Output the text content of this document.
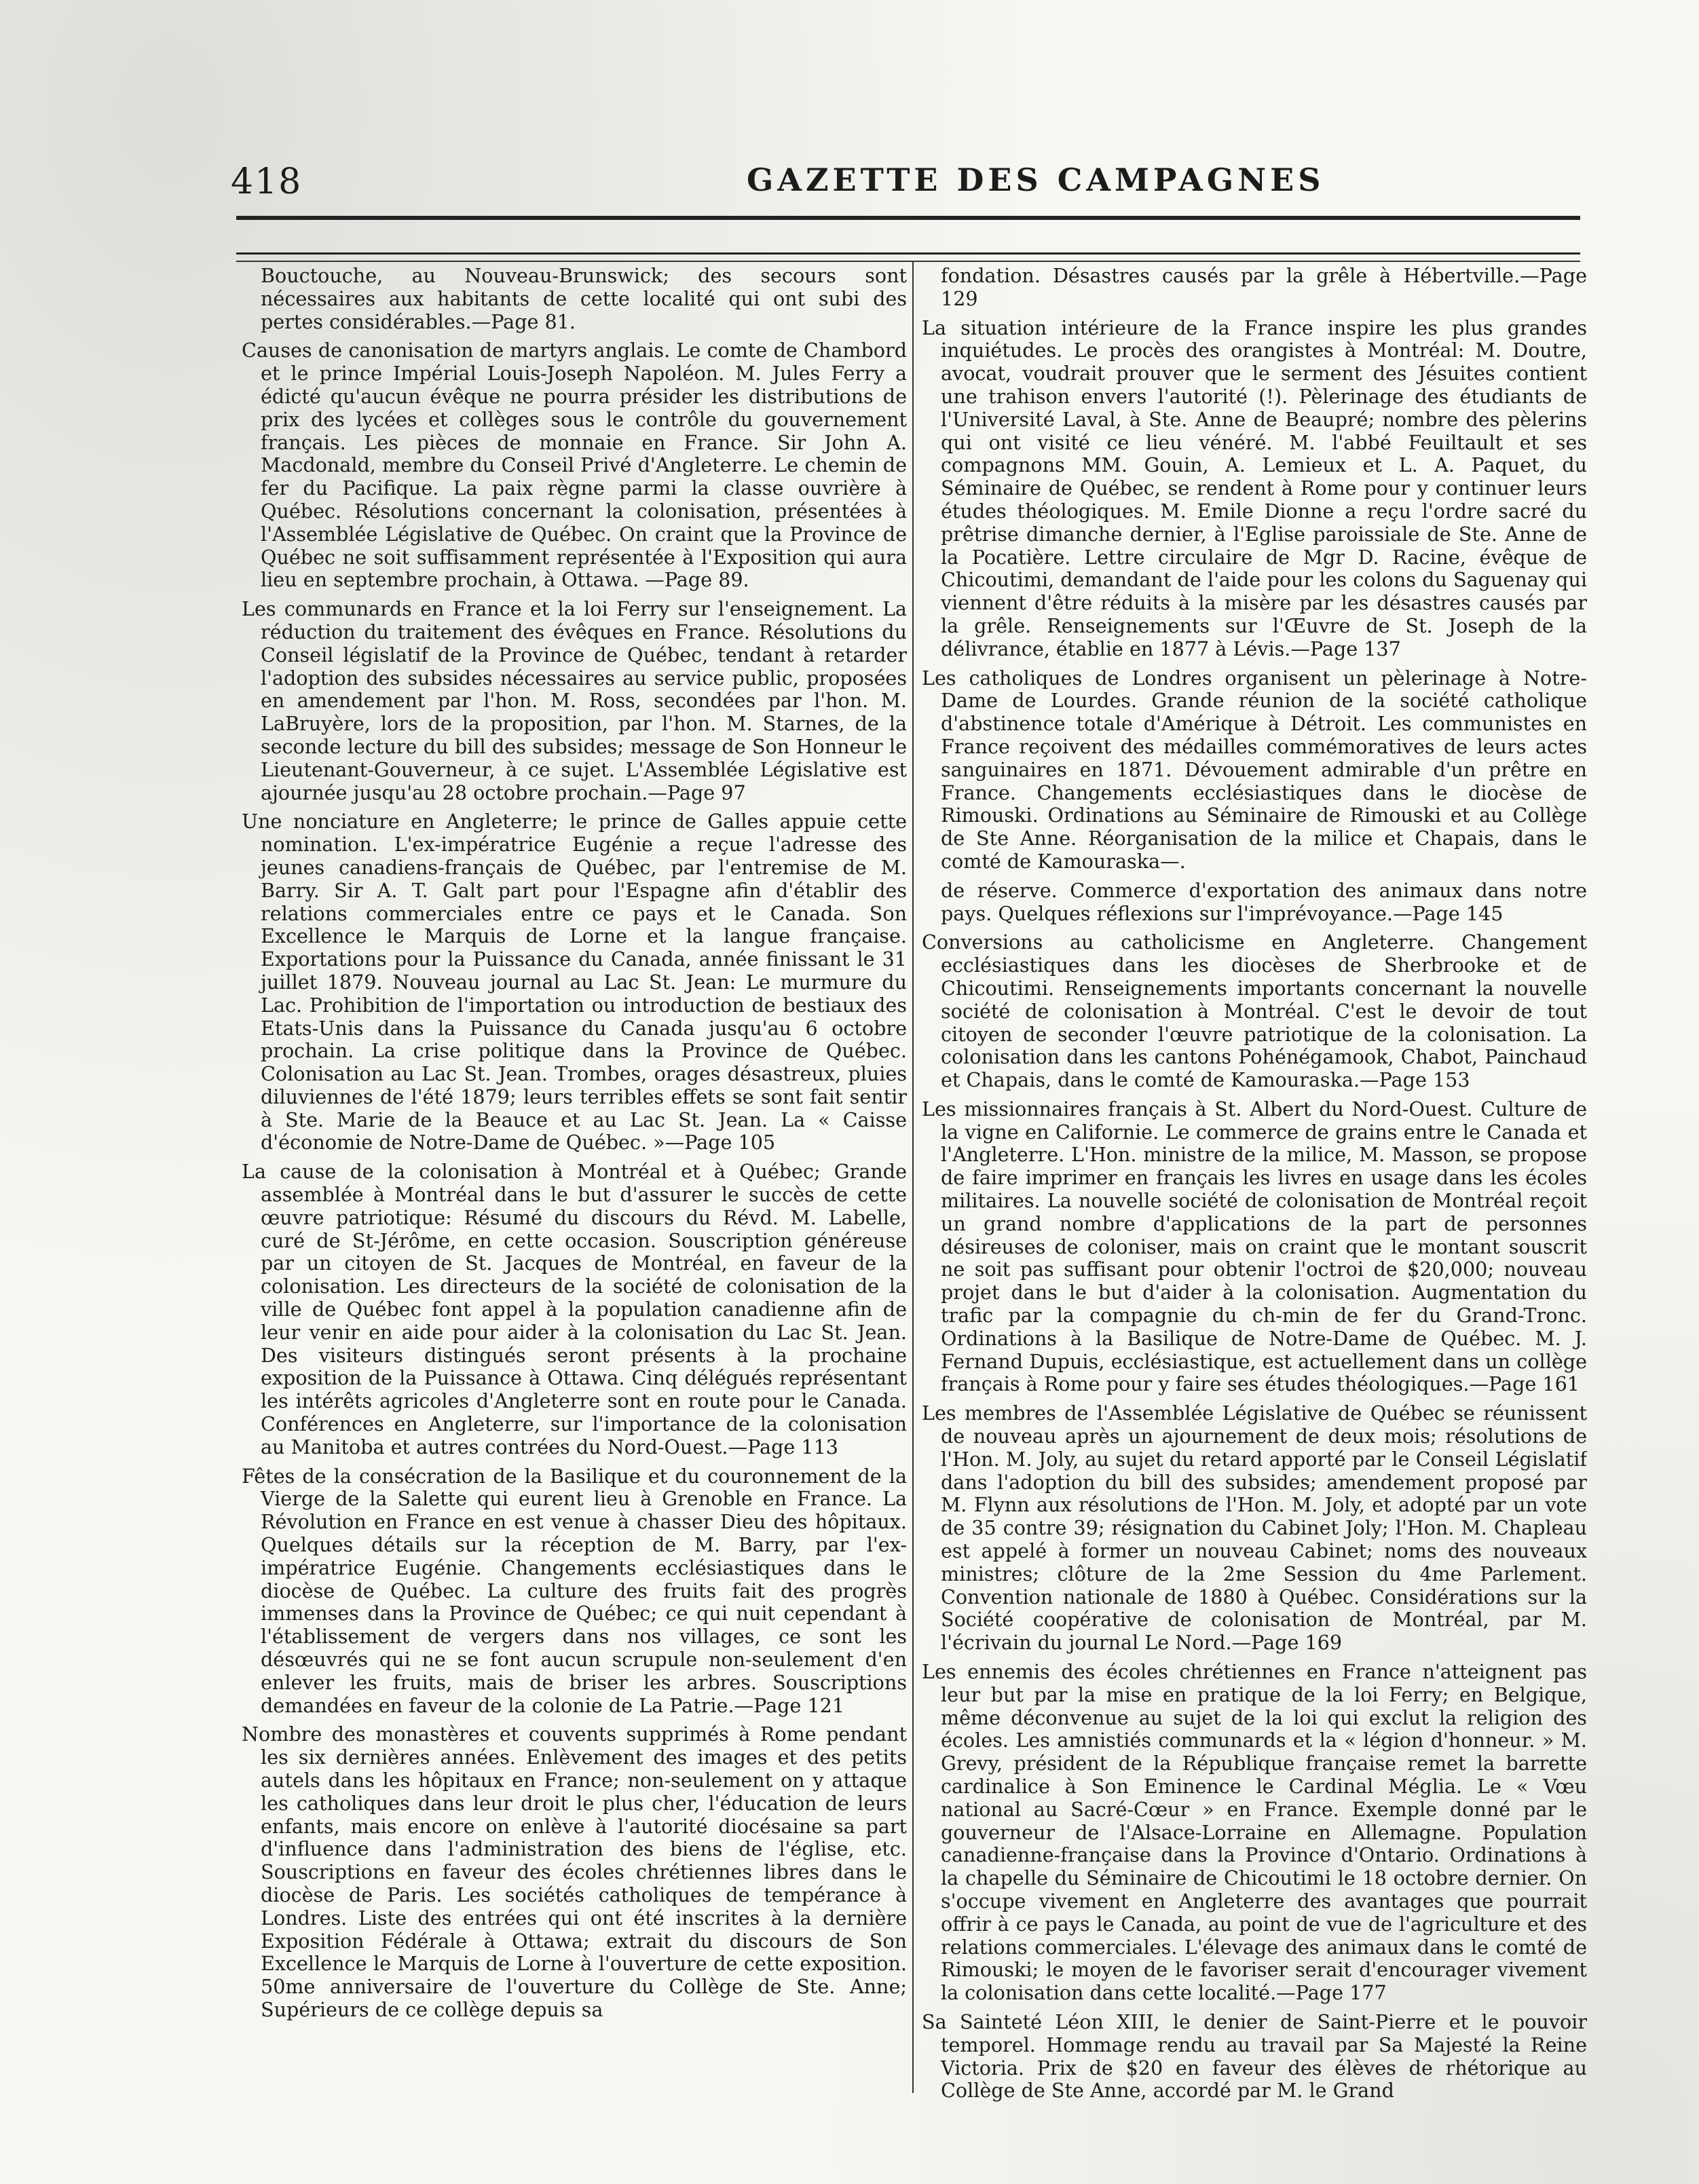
418	GAZETTE DES CAMPAGNES

Bouctouche, au Nouveau-Brunswick; des secours sont nécessaires aux habitants de cette localité qui ont subi des pertes considérables.—Page 81.

Causes de canonisation de martyrs anglais. Le comte de Chambord et le prince Impérial Louis-Joseph Napoléon. M. Jules Ferry a édicté qu'aucun évêque ne pourra présider les distributions de prix des lycées et collèges sous le contrôle du gouvernement français. Les pièces de monnaie en France. Sir John A. Macdonald, membre du Conseil Privé d'Angleterre. Le chemin de fer du Pacifique. La paix règne parmi la classe ouvrière à Québec. Résolutions concernant la colonisation, présentées à l'Assemblée Législative de Québec. On craint que la Province de Québec ne soit suffisamment représentée à l'Exposition qui aura lieu en septembre prochain, à Ottawa. —Page 89.

Les communards en France et la loi Ferry sur l'enseignement. La réduction du traitement des évêques en France. Résolutions du Conseil législatif de la Province de Québec, tendant à retarder l'adoption des subsides nécessaires au service public, proposées en amendement par l'hon. M. Ross, secondées par l'hon. M. LaBruyère, lors de la proposition, par l'hon. M. Starnes, de la seconde lecture du bill des subsides; message de Son Honneur le Lieutenant-Gouverneur, à ce sujet. L'Assemblée Législative est ajournée jusqu'au 28 octobre prochain.—Page 97

Une nonciature en Angleterre; le prince de Galles appuie cette nomination. L'ex-impératrice Eugénie a reçue l'adresse des jeunes canadiens-français de Québec, par l'entremise de M. Barry. Sir A. T. Galt part pour l'Espagne afin d'établir des relations commerciales entre ce pays et le Canada. Son Excellence le Marquis de Lorne et la langue française. Exportations pour la Puissance du Canada, année finissant le 31 juillet 1879. Nouveau journal au Lac St. Jean: Le murmure du Lac. Prohibition de l'importation ou introduction de bestiaux des Etats-Unis dans la Puissance du Canada jusqu'au 6 octobre prochain. La crise politique dans la Province de Québec. Colonisation au Lac St. Jean. Trombes, orages désastreux, pluies diluviennes de l'été 1879; leurs terribles effets se sont fait sentir à Ste. Marie de la Beauce et au Lac St. Jean. La « Caisse d'économie de Notre-Dame de Québec. »—Page 105

La cause de la colonisation à Montréal et à Québec; Grande assemblée à Montréal dans le but d'assurer le succès de cette œuvre patriotique: Résumé du discours du Révd. M. Labelle, curé de St-Jérôme, en cette occasion. Souscription généreuse par un citoyen de St. Jacques de Montréal, en faveur de la colonisation. Les directeurs de la société de colonisation de la ville de Québec font appel à la population canadienne afin de leur venir en aide pour aider à la colonisation du Lac St. Jean. Des visiteurs distingués seront présents à la prochaine exposition de la Puissance à Ottawa. Cinq délégués représentant les intérêts agricoles d'Angleterre sont en route pour le Canada. Conférences en Angleterre, sur l'importance de la colonisation au Manitoba et autres contrées du Nord-Ouest.—Page 113

Fêtes de la consécration de la Basilique et du couronnement de la Vierge de la Salette qui eurent lieu à Grenoble en France. La Révolution en France en est venue à chasser Dieu des hôpitaux. Quelques détails sur la réception de M. Barry, par l'ex-impératrice Eugénie. Changements ecclésiastiques dans le diocèse de Québec. La culture des fruits fait des progrès immenses dans la Province de Québec; ce qui nuit cependant à l'établissement de vergers dans nos villages, ce sont les désœuvrés qui ne se font aucun scrupule non-seulement d'en enlever les fruits, mais de briser les arbres. Souscriptions demandées en faveur de la colonie de La Patrie.—Page 121

Nombre des monastères et couvents supprimés à Rome pendant les six dernières années. Enlèvement des images et des petits autels dans les hôpitaux en France; non-seulement on y attaque les catholiques dans leur droit le plus cher, l'éducation de leurs enfants, mais encore on enlève à l'autorité diocésaine sa part d'influence dans l'administration des biens de l'église, etc. Souscriptions en faveur des écoles chrétiennes libres dans le diocèse de Paris. Les sociétés catholiques de tempérance à Londres. Liste des entrées qui ont été inscrites à la dernière Exposition Fédérale à Ottawa; extrait du discours de Son Excellence le Marquis de Lorne à l'ouverture de cette exposition. 50me anniversaire de l'ouverture du Collège de Ste. Anne; Supérieurs de ce collège depuis sa

fondation. Désastres causés par la grêle à Hébertville.—Page 129

La situation intérieure de la France inspire les plus grandes inquiétudes. Le procès des orangistes à Montréal: M. Doutre, avocat, voudrait prouver que le serment des Jésuites contient une trahison envers l'autorité (!). Pèlerinage des étudiants de l'Université Laval, à Ste. Anne de Beaupré; nombre des pèlerins qui ont visité ce lieu vénéré. M. l'abbé Feuiltault et ses compagnons MM. Gouin, A. Lemieux et L. A. Paquet, du Séminaire de Québec, se rendent à Rome pour y continuer leurs études théologiques. M. Emile Dionne a reçu l'ordre sacré du prêtrise dimanche dernier, à l'Eglise paroissiale de Ste. Anne de la Pocatière. Lettre circulaire de Mgr D. Racine, évêque de Chicoutimi, demandant de l'aide pour les colons du Saguenay qui viennent d'être réduits à la misère par les désastres causés par la grêle. Renseignements sur l'Œuvre de St. Joseph de la délivrance, établie en 1877 à Lévis.—Page 137

Les catholiques de Londres organisent un pèlerinage à Notre-Dame de Lourdes. Grande réunion de la société catholique d'abstinence totale d'Amérique à Détroit. Les communistes en France reçoivent des médailles commémoratives de leurs actes sanguinaires en 1871. Dévouement admirable d'un prêtre en France. Changements ecclésiastiques dans le diocèse de Rimouski. Ordinations au Séminaire de Rimouski et au Collège de Ste Anne. Réorganisation de la milice et Chapais, dans le comté de Kamouraska—.

de réserve. Commerce d'exportation des animaux dans notre pays. Quelques réflexions sur l'imprévoyance.—Page 145

Conversions au catholicisme en Angleterre. Changement ecclésiastiques dans les diocèses de Sherbrooke et de Chicoutimi. Renseignements importants concernant la nouvelle société de colonisation à Montréal. C'est le devoir de tout citoyen de seconder l'œuvre patriotique de la colonisation. La colonisation dans les cantons Pohénégamook, Chabot, Painchaud et Chapais, dans le comté de Kamouraska.—Page 153

Les missionnaires français à St. Albert du Nord-Ouest. Culture de la vigne en Californie. Le commerce de grains entre le Canada et l'Angleterre. L'Hon. ministre de la milice, M. Masson, se propose de faire imprimer en français les livres en usage dans les écoles militaires. La nouvelle société de colonisation de Montréal reçoit un grand nombre d'applications de la part de personnes désireuses de coloniser, mais on craint que le montant souscrit ne soit pas suffisant pour obtenir l'octroi de $20,000; nouveau projet dans le but d'aider à la colonisation. Augmentation du trafic par la compagnie du ch-min de fer du Grand-Tronc. Ordinations à la Basilique de Notre-Dame de Québec. M. J. Fernand Dupuis, ecclésiastique, est actuellement dans un collège français à Rome pour y faire ses études théologiques.—Page 161

Les membres de l'Assemblée Législative de Québec se réunissent de nouveau après un ajournement de deux mois; résolutions de l'Hon. M. Joly, au sujet du retard apporté par le Conseil Législatif dans l'adoption du bill des subsides; amendement proposé par M. Flynn aux résolutions de l'Hon. M. Joly, et adopté par un vote de 35 contre 39; résignation du Cabinet Joly; l'Hon. M. Chapleau est appelé à former un nouveau Cabinet; noms des nouveaux ministres; clôture de la 2me Session du 4me Parlement. Convention nationale de 1880 à Québec. Considérations sur la Société coopérative de colonisation de Montréal, par M. l'écrivain du journal Le Nord.—Page 169

Les ennemis des écoles chrétiennes en France n'atteignent pas leur but par la mise en pratique de la loi Ferry; en Belgique, même déconvenue au sujet de la loi qui exclut la religion des écoles. Les amnistiés communards et la « légion d'honneur. » M. Grevy, président de la République française remet la barrette cardinalice à Son Eminence le Cardinal Méglia. Le « Vœu national au Sacré-Cœur » en France. Exemple donné par le gouverneur de l'Alsace-Lorraine en Allemagne. Population canadienne-française dans la Province d'Ontario. Ordinations à la chapelle du Séminaire de Chicoutimi le 18 octobre dernier. On s'occupe vivement en Angleterre des avantages que pourrait offrir à ce pays le Canada, au point de vue de l'agriculture et des relations commerciales. L'élevage des animaux dans le comté de Rimouski; le moyen de le favoriser serait d'encourager vivement la colonisation dans cette localité.—Page 177

Sa Sainteté Léon XIII, le denier de Saint-Pierre et le pouvoir temporel. Hommage rendu au travail par Sa Majesté la Reine Victoria. Prix de $20 en faveur des élèves de rhétorique au Collège de Ste Anne, accordé par M. le Grand
